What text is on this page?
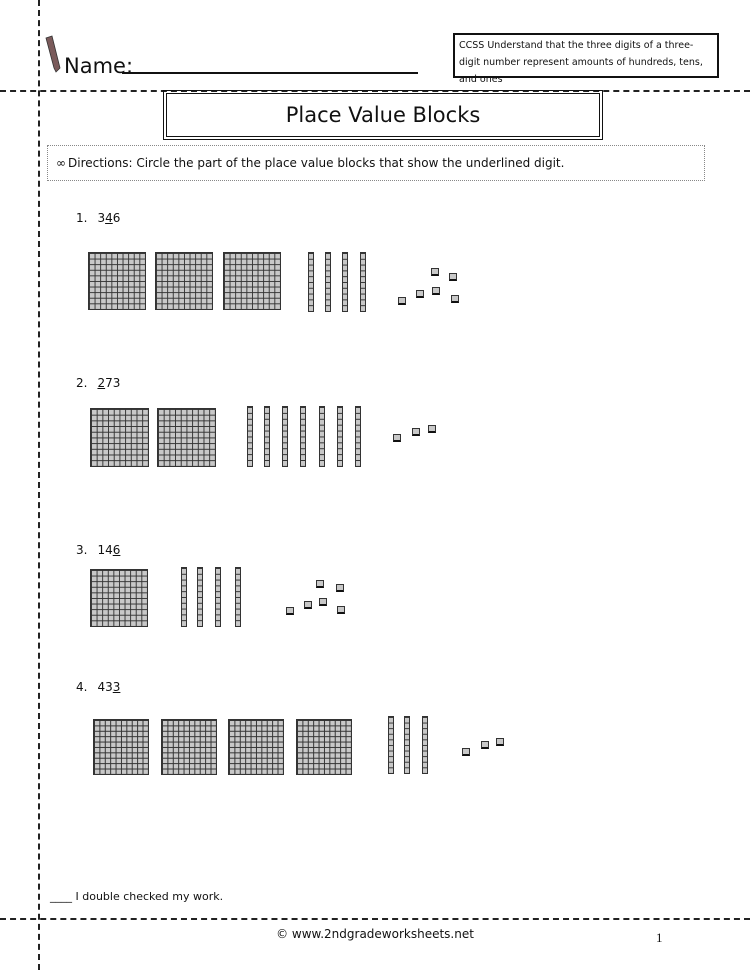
Name:
CCSS Understand that the three digits of a three-digit number represent amounts of hundreds, tens, and ones
Place Value Blocks
∞ Directions: Circle the part of the place value blocks that show the underlined digit.
____ I double checked my work.
© www.2ndgradeworksheets.net	1
1. 346
2. 273
3. 146
4. 433
